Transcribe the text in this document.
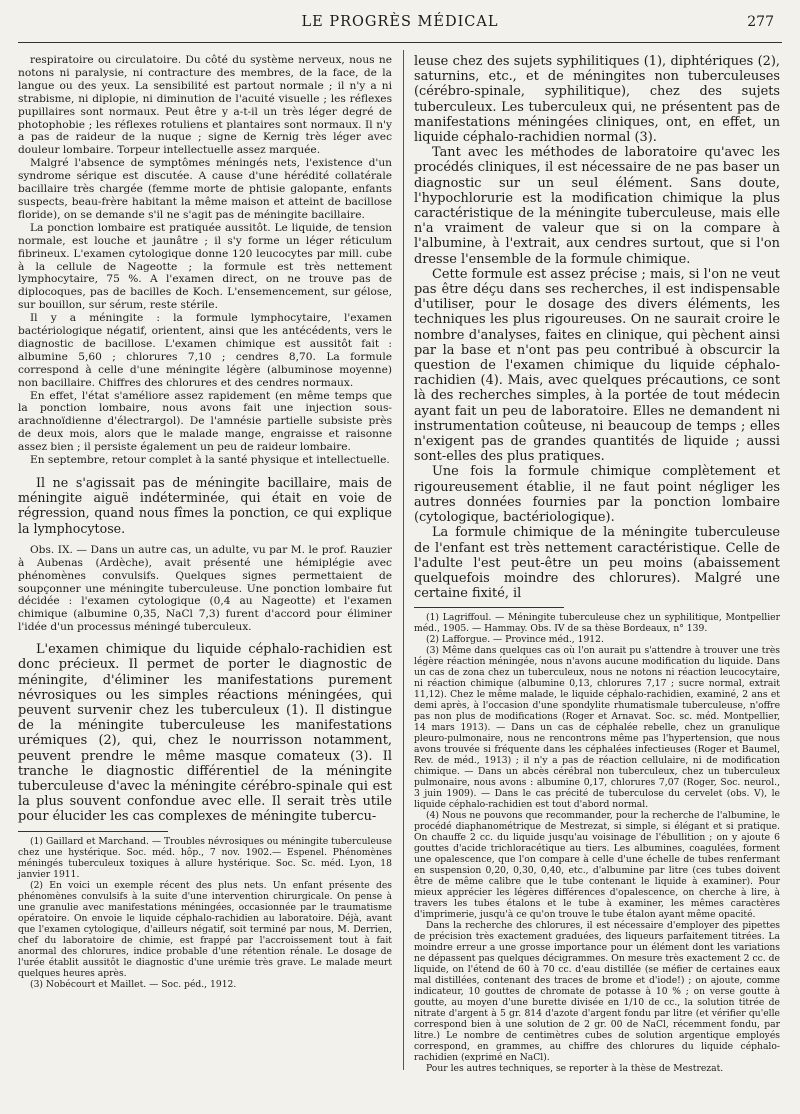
LE PROGRÈS MÉDICAL	277

respiratoire ou circulatoire. Du côté du système nerveux, nous ne notons ni paralysie, ni contracture des membres, de la face, de la langue ou des yeux. La sensibilité est partout normale ; il n'y a ni strabisme, ni diplopie, ni diminution de l'acuité visuelle ; les réflexes pupillaires sont normaux. Peut être y a-t-il un très léger degré de photophobie ; les réflexes rotuliens et plantaires sont normaux. Il n'y a pas de raideur de la nuque ; signe de Kernig très léger avec douleur lombaire. Torpeur intellectuelle assez marquée.

Malgré l'absence de symptômes méningés nets, l'existence d'un syndrome sérique est discutée. A cause d'une hérédité collatérale bacillaire très chargée (femme morte de phtisie galopante, enfants suspects, beau-frère habitant la même maison et atteint de bacillose floride), on se demande s'il ne s'agit pas de méningite bacillaire.

La ponction lombaire est pratiquée aussitôt. Le liquide, de tension normale, est louche et jaunâtre ; il s'y forme un léger réticulum fibrineux. L'examen cytologique donne 120 leucocytes par mill. cube à la cellule de Nageotte ; la formule est très nettement lymphocytaire, 75 %. A l'examen direct, on ne trouve pas de diplocoques, pas de bacilles de Koch. L'ensemencement, sur gélose, sur bouillon, sur sérum, reste stérile.

Il y a méningite : la formule lymphocytaire, l'examen bactériologique négatif, orientent, ainsi que les antécédents, vers le diagnostic de bacillose. L'examen chimique est aussitôt fait : albumine 5,60 ; chlorures 7,10 ; cendres 8,70. La formule correspond à celle d'une méningite légère (albuminose moyenne) non bacillaire. Chiffres des chlorures et des cendres normaux.

En effet, l'état s'améliore assez rapidement (en même temps que la ponction lombaire, nous avons fait une injection sous-arachnoïdienne d'électrargol). De l'amnésie partielle subsiste près de deux mois, alors que le malade mange, engraisse et raisonne assez bien ; il persiste également un peu de raideur lombaire.

En septembre, retour complet à la santé physique et intellectuelle.

Il ne s'agissait pas de méningite bacillaire, mais de méningite aiguë indéterminée, qui était en voie de régression, quand nous fîmes la ponction, ce qui explique la lymphocytose.

Obs. IX. — Dans un autre cas, un adulte, vu par M. le prof. Rauzier à Aubenas (Ardèche), avait présenté une hémiplégie avec phénomènes convulsifs. Quelques signes permettaient de soupçonner une méningite tuberculeuse. Une ponction lombaire fut décidée : l'examen cytologique (0,4 au Nageotte) et l'examen chimique (albumine 0,35, NaCl 7,3) furent d'accord pour éliminer l'idée d'un processus méningé tuberculeux.

L'examen chimique du liquide céphalo-rachidien est donc précieux. Il permet de porter le diagnostic de méningite, d'éliminer les manifestations purement névrosiques ou les simples réactions méningées, qui peuvent survenir chez les tuberculeux (1). Il distingue de la méningite tuberculeuse les manifestations urémiques (2), qui, chez le nourrisson notamment, peuvent prendre le même masque comateux (3). Il tranche le diagnostic différentiel de la méningite tuberculeuse d'avec la méningite cérébro-spinale qui est la plus souvent confondue avec elle. Il serait très utile pour élucider les cas complexes de méningite tubercu-

(1) Gaillard et Marchand. — Troubles névrosiques ou méningite tuberculeuse chez une hystérique. Soc. méd. hôp., 7 nov. 1902.— Espenel. Phénomènes méningés tuberculeux toxiques à allure hystérique. Soc. Sc. méd. Lyon, 18 janvier 1911.

(2) En voici un exemple récent des plus nets. Un enfant présente des phénomènes convulsifs à la suite d'une intervention chirurgicale. On pense à une granulie avec manifestations méningées, occasionnée par le traumatisme opératoire. On envoie le liquide céphalo-rachidien au laboratoire. Déjà, avant que l'examen cytologique, d'ailleurs négatif, soit terminé par nous, M. Derrien, chef du laboratoire de chimie, est frappé par l'accroissement tout à fait anormal des chlorures, indice probable d'une rétention rénale. Le dosage de l'urée établit aussitôt le diagnostic d'une urémie très grave. Le malade meurt quelques heures après.

(3) Nobécourt et Maillet. — Soc. péd., 1912.

leuse chez des sujets syphilitiques (1), diphtériques (2), saturnins, etc., et de méningites non tuberculeuses (cérébro-spinale, syphilitique), chez des sujets tuberculeux. Les tuberculeux qui, ne présentent pas de manifestations méningées cliniques, ont, en effet, un liquide céphalo-rachidien normal (3).

Tant avec les méthodes de laboratoire qu'avec les procédés cliniques, il est nécessaire de ne pas baser un diagnostic sur un seul élément. Sans doute, l'hypochlorurie est la modification chimique la plus caractéristique de la méningite tuberculeuse, mais elle n'a vraiment de valeur que si on la compare à l'albumine, à l'extrait, aux cendres surtout, que si l'on dresse l'ensemble de la formule chimique.

Cette formule est assez précise ; mais, si l'on ne veut pas être déçu dans ses recherches, il est indispensable d'utiliser, pour le dosage des divers éléments, les techniques les plus rigoureuses. On ne saurait croire le nombre d'analyses, faites en clinique, qui pèchent ainsi par la base et n'ont pas peu contribué à obscurcir la question de l'examen chimique du liquide céphalo-rachidien (4). Mais, avec quelques précautions, ce sont là des recherches simples, à la portée de tout médecin ayant fait un peu de laboratoire. Elles ne demandent ni instrumentation coûteuse, ni beaucoup de temps ; elles n'exigent pas de grandes quantités de liquide ; aussi sont-elles des plus pratiques.

Une fois la formule chimique complètement et rigoureusement établie, il ne faut point négliger les autres données fournies par la ponction lombaire (cytologique, bactériologique).

La formule chimique de la méningite tuberculeuse de l'enfant est très nettement caractéristique. Celle de l'adulte l'est peut-être un peu moins (abaissement quelquefois moindre des chlorures). Malgré une certaine fixité, il

(1) Lagriffoul. — Méningite tuberculeuse chez un syphilitique, Montpellier méd., 1905. — Hammay. Obs. IV de sa thèse Bordeaux, n° 139.

(2) Lafforgue. — Province méd., 1912.

(3) Même dans quelques cas où l'on aurait pu s'attendre à trouver une très légère réaction méningée, nous n'avons aucune modification du liquide. Dans un cas de zona chez un tuberculeux, nous ne notons ni réaction leucocytaire, ni réaction chimique (albumine 0,13, chlorures 7,17 ; sucre normal, extrait 11,12). Chez le même malade, le liquide céphalo-rachidien, examiné, 2 ans et demi après, à l'occasion d'une spondylite rhumatismale tuberculeuse, n'offre pas non plus de modifications (Roger et Arnavat. Soc. sc. méd. Montpellier, 14 mars 1913). — Dans un cas de céphalée rebelle, chez un granulique pleuro-pulmonaire, nous ne rencontrons même pas l'hypertension, que nous avons trouvée si fréquente dans les céphalées infectieuses (Roger et Baumel, Rev. de méd., 1913) ; il n'y a pas de réaction cellulaire, ni de modification chimique. — Dans un abcès cérébral non tuberculeux, chez un tuberculeux pulmonaire, nous avons : albumine 0,17, chlorures 7,07 (Roger, Soc. neurol., 3 juin 1909). — Dans le cas précité de tuberculose du cervelet (obs. V), le liquide céphalo-rachidien est tout d'abord normal.

(4) Nous ne pouvons que recommander, pour la recherche de l'albumine, le procédé diaphanométrique de Mestrezat, si simple, si élégant et si pratique. On chauffe 2 cc. du liquide jusqu'au voisinage de l'ébullition ; on y ajoute 6 gouttes d'acide trichloracétique au tiers. Les albumines, coagulées, forment une opalescence, que l'on compare à celle d'une échelle de tubes renfermant en suspension 0,20, 0,30, 0,40, etc., d'albumine par litre (ces tubes doivent être de même calibre que le tube contenant le liquide à examiner). Pour mieux apprécier les légères différences d'opalescence, on cherche à lire, à travers les tubes étalons et le tube à examiner, les mêmes caractères d'imprimerie, jusqu'à ce qu'on trouve le tube étalon ayant même opacité.

Dans la recherche des chlorures, il est nécessaire d'employer des pipettes de précision très exactement graduées, des liqueurs parfaitement titrées. La moindre erreur a une grosse importance pour un élément dont les variations ne dépassent pas quelques décigrammes. On mesure très exactement 2 cc. de liquide, on l'étend de 60 à 70 cc. d'eau distillée (se méfier de certaines eaux mal distillées, contenant des traces de brome et d'iode!) ; on ajoute, comme indicateur, 10 gouttes de chromate de potasse à 10 % ; on verse goutte à goutte, au moyen d'une burette divisée en 1/10 de cc., la solution titrée de nitrate d'argent à 5 gr. 814 d'azote d'argent fondu par litre (et vérifier qu'elle correspond bien à une solution de 2 gr. 00 de NaCl, récemment fondu, par litre.) Le nombre de centimètres cubes de solution argentique employés correspond, en grammes, au chiffre des chlorures du liquide céphalo-rachidien (exprimé en NaCl).

Pour les autres techniques, se reporter à la thèse de Mestrezat.
